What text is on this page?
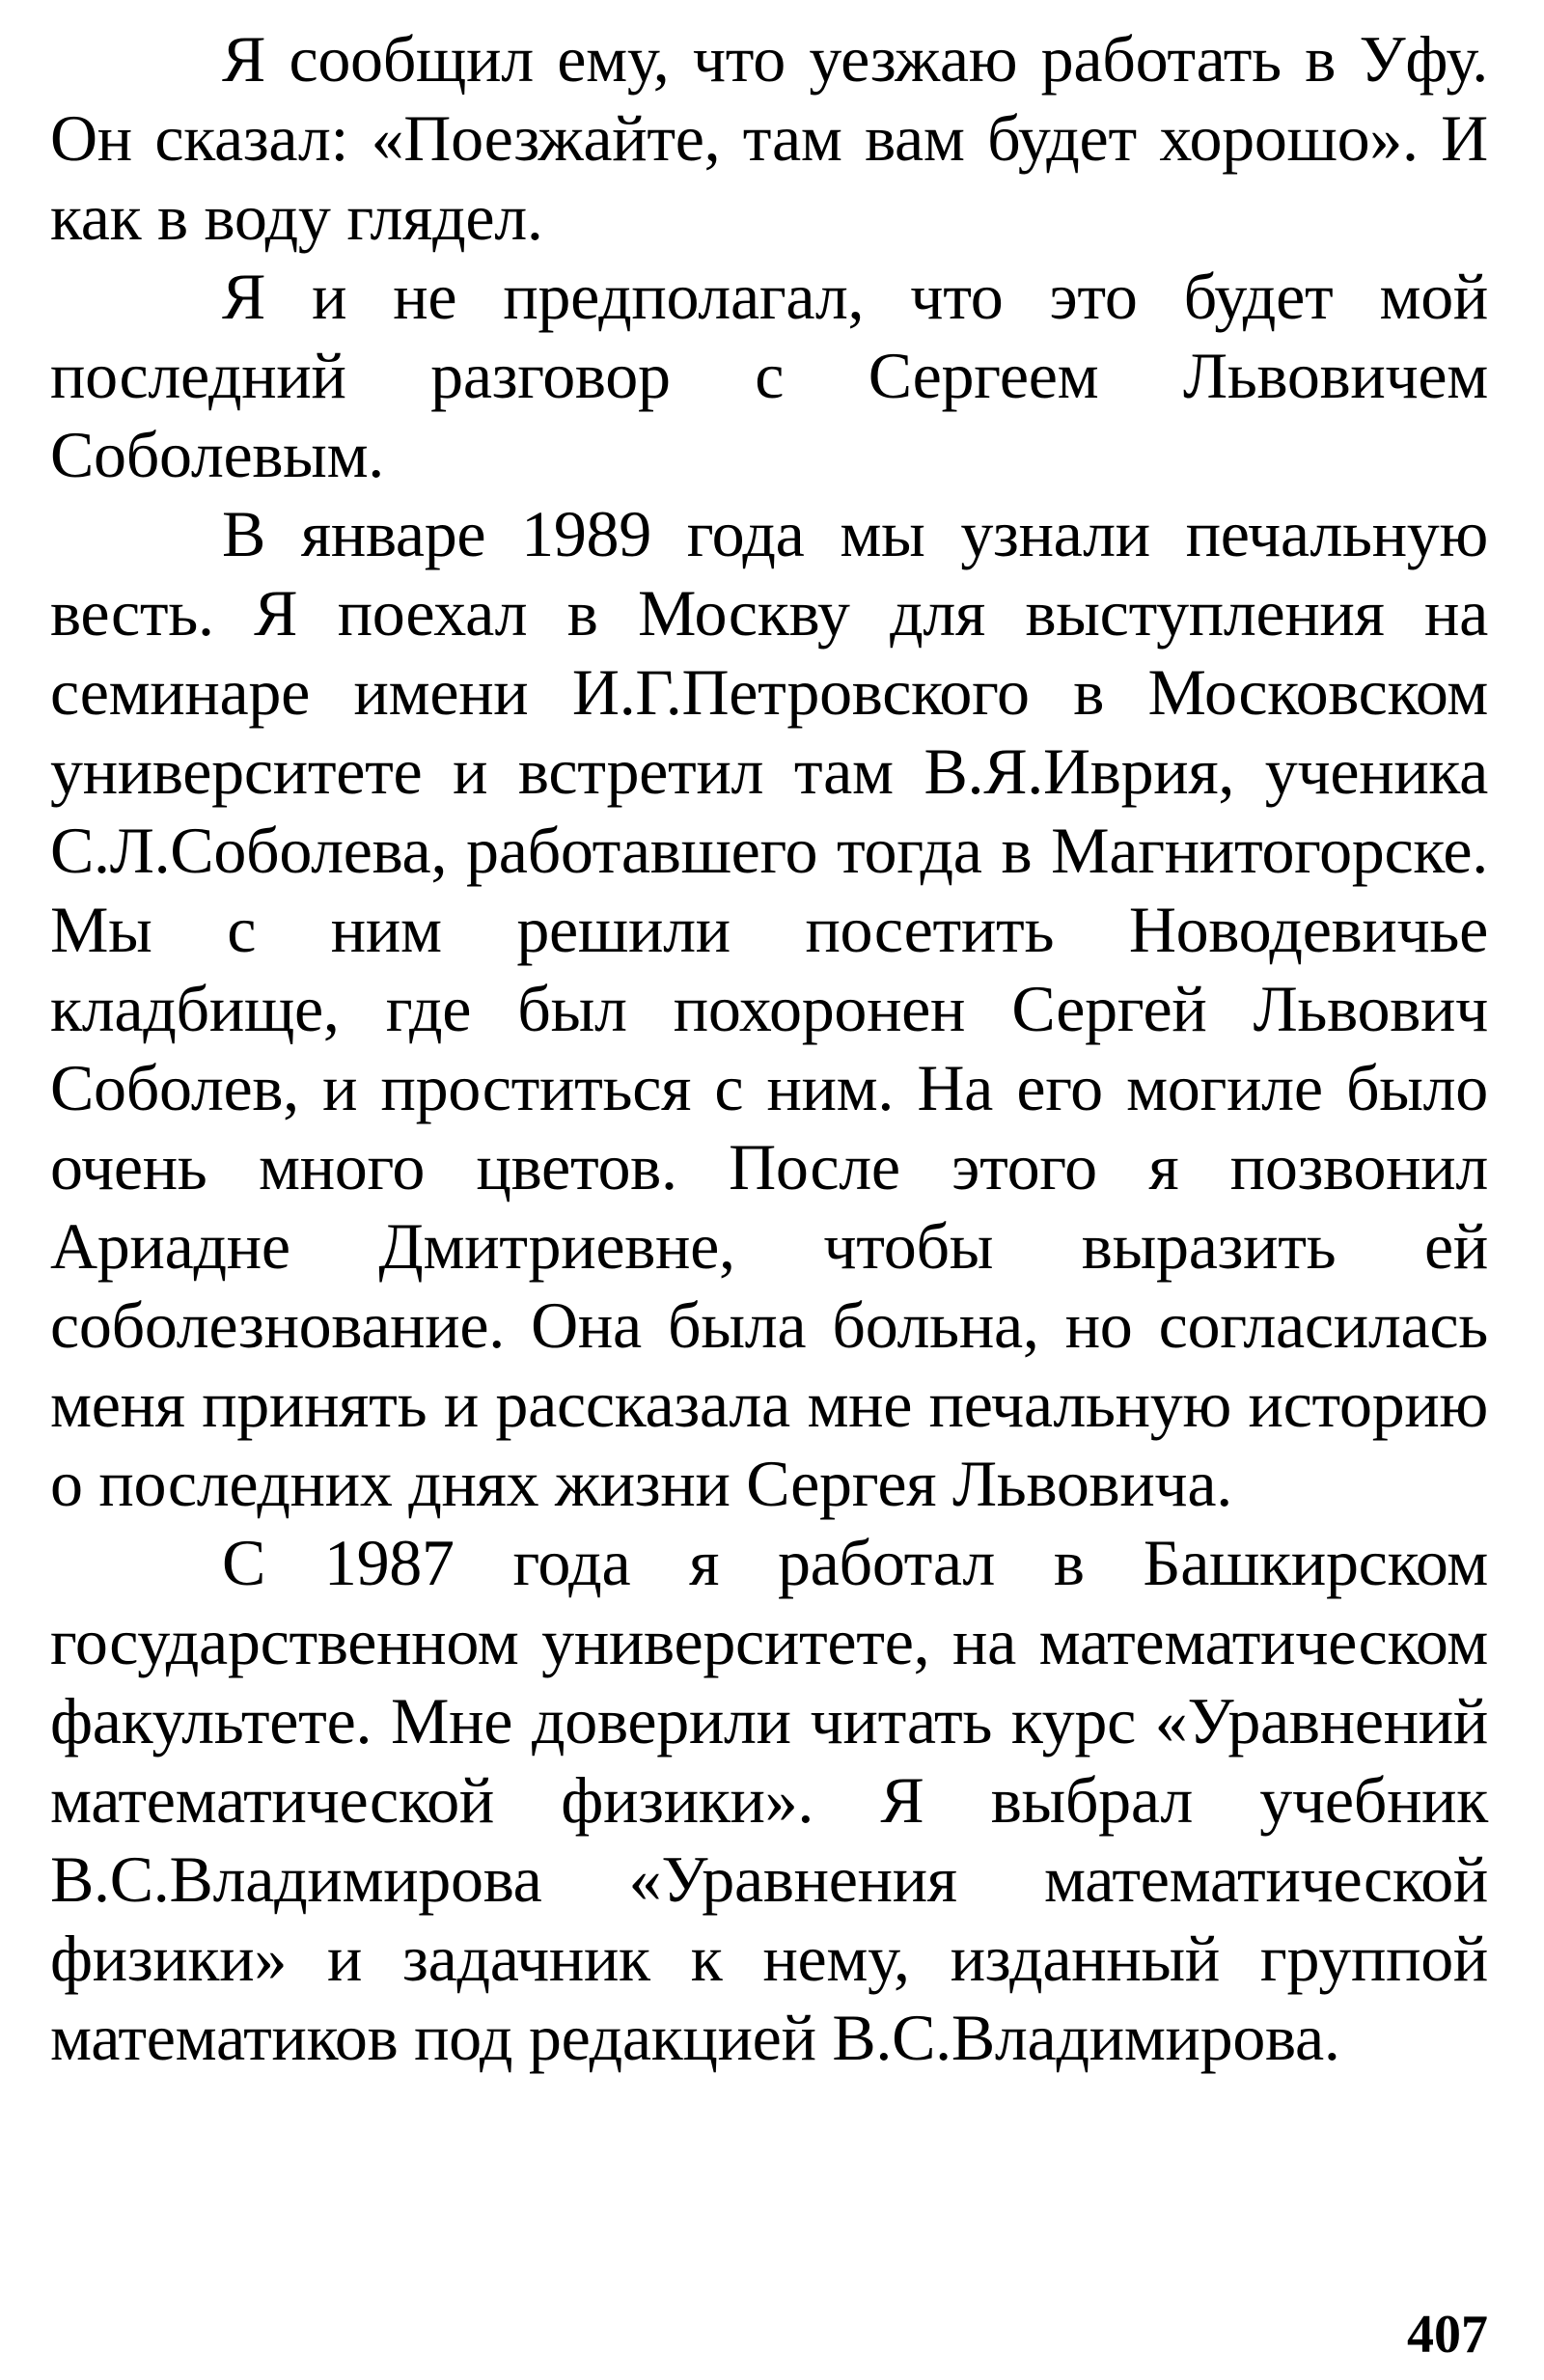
Я сообщил ему, что уезжаю работать в Уфу. Он сказал: «Поезжайте, там вам будет хорошо». И как в воду глядел.

Я и не предполагал, что это будет мой последний разговор с Сергеем Львовичем Соболевым.

В январе 1989 года мы узнали печальную весть. Я поехал в Москву для выступления на семинаре имени И.Г.Петровского в Московском университете и встретил там В.Я.Иврия, ученика С.Л.Соболева, работавшего тогда в Магнитогорске. Мы с ним решили посетить Новодевичье кладбище, где был похоронен Сергей Львович Соболев, и проститься с ним. На его могиле было очень много цветов. После этого я позвонил Ариадне Дмитриевне, чтобы выразить ей соболезнование. Она была больна, но согласилась меня принять и рассказала мне печальную историю о последних днях жизни Сергея Львовича.

С 1987 года я работал в Башкирском государственном университете, на математическом факультете. Мне доверили читать курс «Уравнений математической физики». Я выбрал учебник В.С.Владимирова «Уравнения математической физики» и задачник к нему, изданный группой математиков под редакцией В.С.Владимирова.

407
